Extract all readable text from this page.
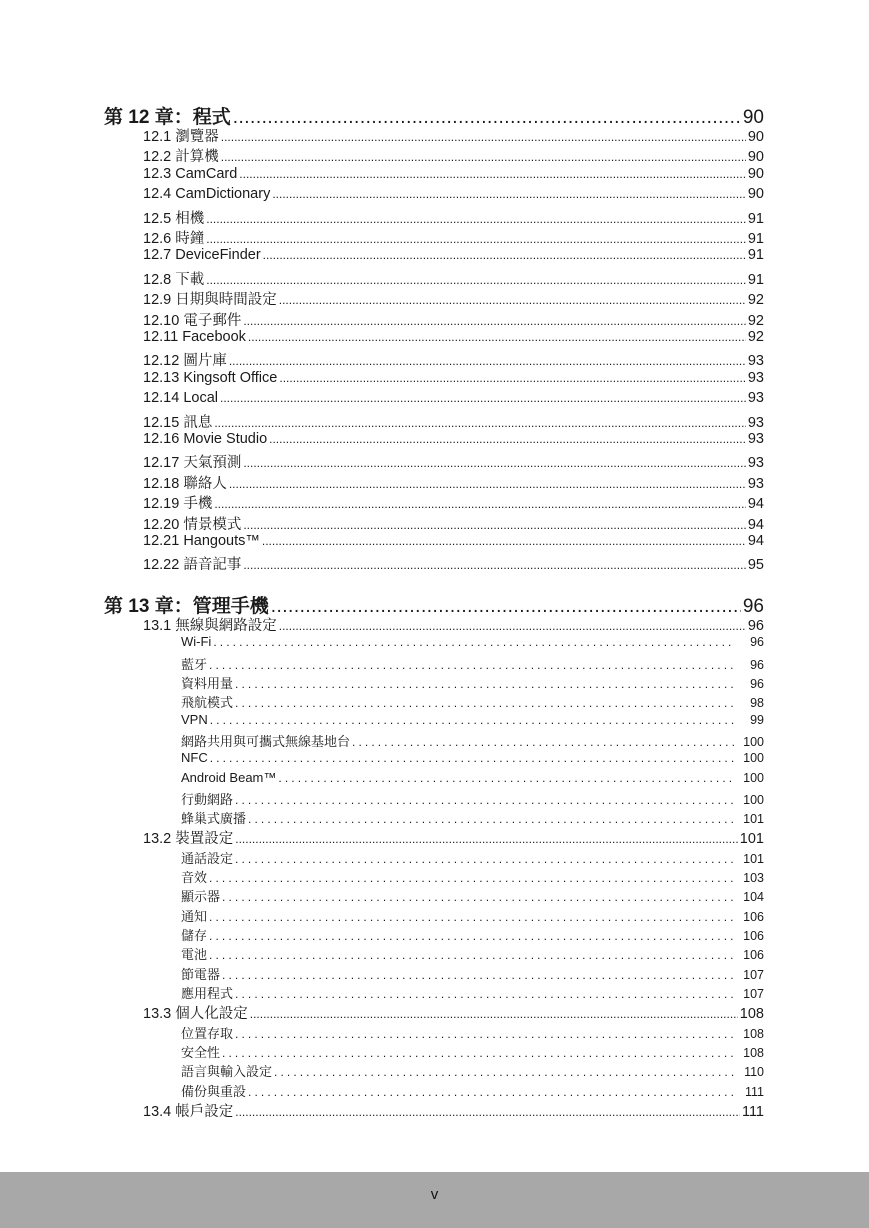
第 12 章：程式 .....	90
12.1 瀏覽器 .....	90
12.2 計算機 .....	90
12.3 CamCard .....	90
12.4 CamDictionary .....	90
12.5 相機 .....	91
12.6 時鐘 .....	91
12.7 DeviceFinder .....	91
12.8 下載 .....	91
12.9 日期與時間設定 .....	92
12.10 電子郵件 .....	92
12.11 Facebook .....	92
12.12 圖片庫 .....	93
12.13 Kingsoft Office .....	93
12.14 Local .....	93
12.15 訊息 .....	93
12.16 Movie Studio .....	93
12.17 天氣預測 .....	93
12.18 聯絡人 .....	93
12.19 手機 .....	94
12.20 情景模式 .....	94
12.21 Hangouts™ .....	94
12.22 語音記事 .....	95
第 13 章：管理手機 .....	96
13.1 無線與網路設定 .....	96
Wi-Fi .....	96
藍牙 .....	96
資料用量 .....	96
飛航模式 .....	98
VPN .....	99
網路共用與可攜式無線基地台 .....	100
NFC .....	100
Android Beam™ .....	100
行動網路 .....	100
蜂巢式廣播 .....	101
13.2 裝置設定 .....	101
通話設定 .....	101
音效 .....	103
顯示器 .....	104
通知 .....	106
儲存 .....	106
電池 .....	106
節電器 .....	107
應用程式 .....	107
13.3 個人化設定 .....	108
位置存取 .....	108
安全性 .....	108
語言與輸入設定 .....	110
備份與重設 .....	111
13.4 帳戶設定 .....	111
v
